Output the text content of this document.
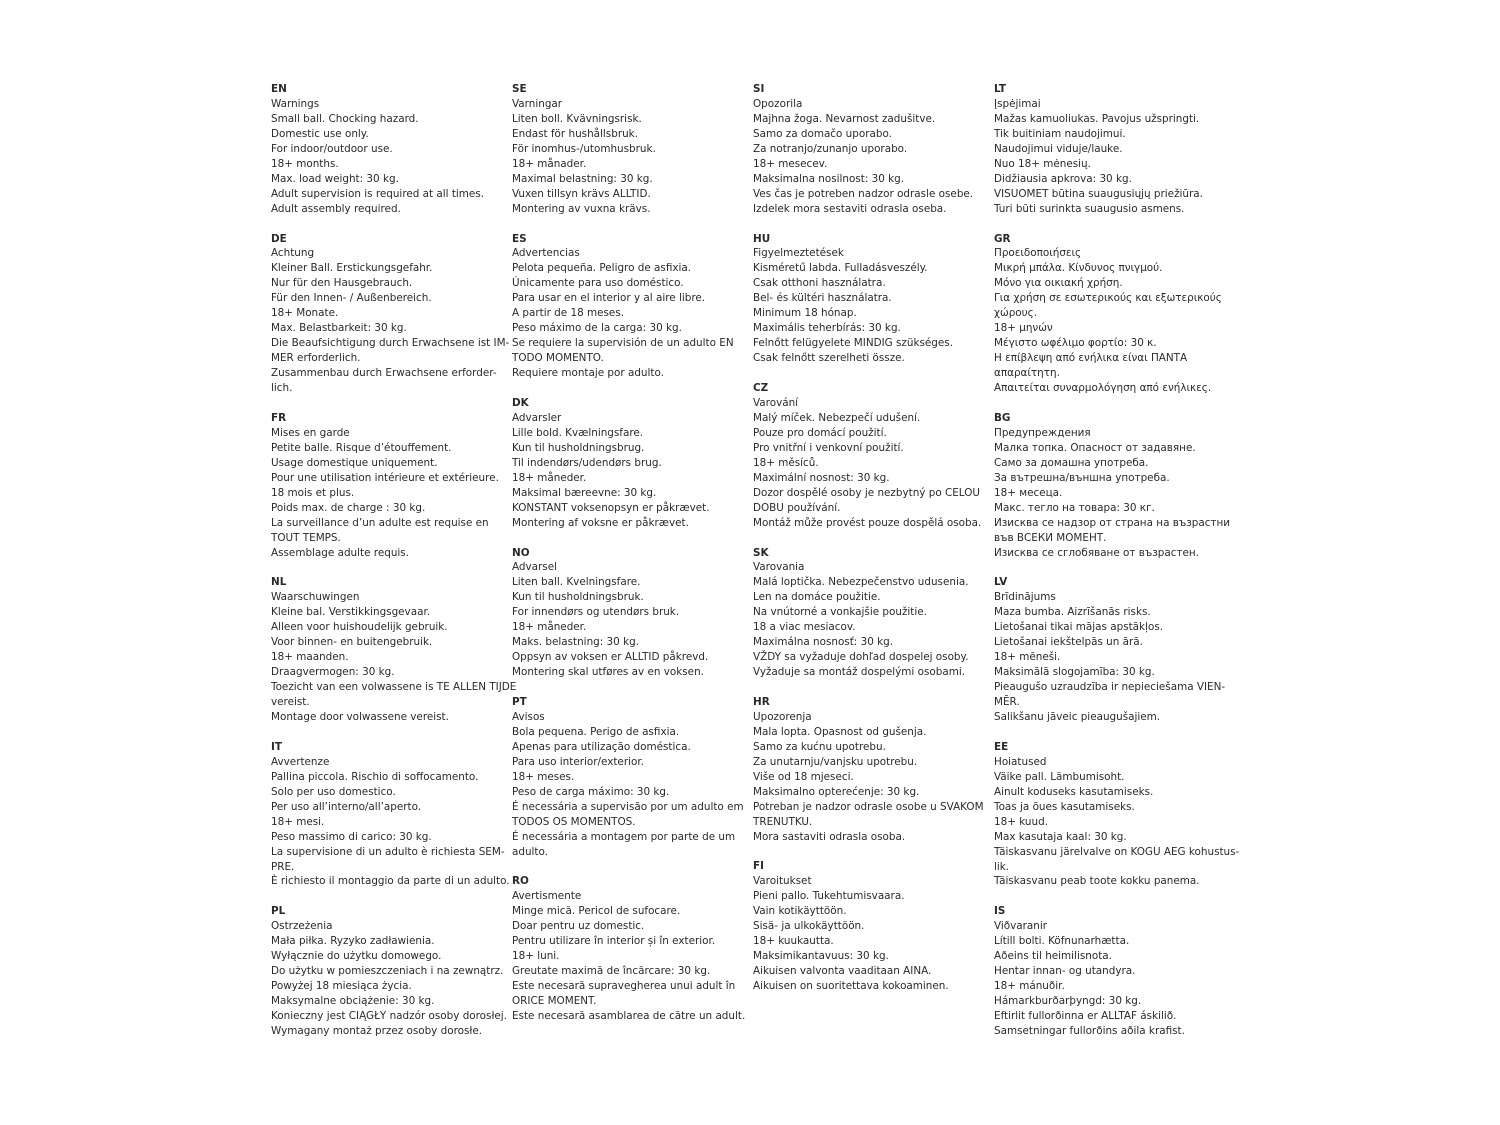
EN
Warnings
Small ball. Chocking hazard.
Domestic use only.
For indoor/outdoor use.
18+ months.
Max. load weight: 30 kg.
Adult supervision is required at all times.
Adult assembly required.
DE
Achtung
Kleiner Ball. Erstickungsgefahr.
Nur für den Hausgebrauch.
Für den Innen- / Außenbereich.
18+ Monate.
Max. Belastbarkeit: 30 kg.
Die Beaufsichtigung durch Erwachsene ist IM-
MER erforderlich.
Zusammenbau durch Erwachsene erforder-
lich.
FR
Mises en garde
Petite balle. Risque d’étouffement.
Usage domestique uniquement.
Pour une utilisation intérieure et extérieure.
18 mois et plus.
Poids max. de charge : 30 kg.
La surveillance d’un adulte est requise en
TOUT TEMPS.
Assemblage adulte requis.
NL
Waarschuwingen
Kleine bal. Verstikkingsgevaar.
Alleen voor huishoudelijk gebruik.
Voor binnen- en buitengebruik.
18+ maanden.
Draagvermogen: 30 kg.
Toezicht van een volwassene is TE ALLEN TIJDE
vereist.
Montage door volwassene vereist.
IT
Avvertenze
Pallina piccola. Rischio di soffocamento.
Solo per uso domestico.
Per uso all’interno/all’aperto.
18+ mesi.
Peso massimo di carico: 30 kg.
La supervisione di un adulto è richiesta SEM-
PRE.
È richiesto il montaggio da parte di un adulto.
PL
Ostrzeżenia
Mała piłka. Ryzyko zadławienia.
Wyłącznie do użytku domowego.
Do użytku w pomieszczeniach i na zewnątrz.
Powyżej 18 miesiąca życia.
Maksymalne obciążenie: 30 kg.
Konieczny jest CIĄGŁY nadzór osoby dorosłej.
Wymagany montaż przez osoby dorosłe.
SE
Varningar
Liten boll. Kvävningsrisk.
Endast för hushållsbruk.
För inomhus-/utomhusbruk.
18+ månader.
Maximal belastning: 30 kg.
Vuxen tillsyn krävs ALLTID.
Montering av vuxna krävs.
ES
Advertencias
Pelota pequeña. Peligro de asfixia.
Únicamente para uso doméstico.
Para usar en el interior y al aire libre.
A partir de 18 meses.
Peso máximo de la carga: 30 kg.
Se requiere la supervisión de un adulto EN
TODO MOMENTO.
Requiere montaje por adulto.
DK
Advarsler
Lille bold. Kvælningsfare.
Kun til husholdningsbrug.
Til indendørs/udendørs brug.
18+ måneder.
Maksimal bæreevne: 30 kg.
KONSTANT voksenopsyn er påkrævet.
Montering af voksne er påkrævet.
NO
Advarsel
Liten ball. Kvelningsfare.
Kun til husholdningsbruk.
For innendørs og utendørs bruk.
18+ måneder.
Maks. belastning: 30 kg.
Oppsyn av voksen er ALLTID påkrevd.
Montering skal utføres av en voksen.
PT
Avisos
Bola pequena. Perigo de asfixia.
Apenas para utilização doméstica.
Para uso interior/exterior.
18+ meses.
Peso de carga máximo: 30 kg.
É necessária a supervisão por um adulto em
TODOS OS MOMENTOS.
É necessária a montagem por parte de um
adulto.
RO
Avertismente
Minge mică. Pericol de sufocare.
Doar pentru uz domestic.
Pentru utilizare în interior și în exterior.
18+ luni.
Greutate maximă de încărcare: 30 kg.
Este necesară supravegherea unui adult în
ORICE MOMENT.
Este necesară asamblarea de către un adult.
SI
Opozorila
Majhna žoga. Nevarnost zadušitve.
Samo za domačo uporabo.
Za notranjo/zunanjo uporabo.
18+ mesecev.
Maksimalna nosilnost: 30 kg.
Ves čas je potreben nadzor odrasle osebe.
Izdelek mora sestaviti odrasla oseba.
HU
Figyelmeztetések
Kisméretű labda. Fulladásveszély.
Csak otthoni használatra.
Bel- és kültéri használatra.
Minimum 18 hónap.
Maximális teherbírás: 30 kg.
Felnőtt felügyelete MINDIG szükséges.
Csak felnőtt szerelheti össze.
CZ
Varování
Malý míček. Nebezpečí udušení.
Pouze pro domácí použití.
Pro vnitřní i venkovní použití.
18+ měsíců.
Maximální nosnost: 30 kg.
Dozor dospělé osoby je nezbytný po CELOU
DOBU používání.
Montáž může provést pouze dospělá osoba.
SK
Varovania
Malá loptička. Nebezpečenstvo udusenia.
Len na domáce použitie.
Na vnútorné a vonkajšie použitie.
18 a viac mesiacov.
Maximálna nosnosť: 30 kg.
VŽDY sa vyžaduje dohľad dospelej osoby.
Vyžaduje sa montáž dospelými osobami.
HR
Upozorenja
Mala lopta. Opasnost od gušenja.
Samo za kućnu upotrebu.
Za unutarnju/vanjsku upotrebu.
Više od 18 mjeseci.
Maksimalno opterećenje: 30 kg.
Potreban je nadzor odrasle osobe u SVAKOM
TRENUTKU.
Mora sastaviti odrasla osoba.
FI
Varoitukset
Pieni pallo. Tukehtumisvaara.
Vain kotikäyttöön.
Sisä- ja ulkokäyttöön.
18+ kuukautta.
Maksimikantavuus: 30 kg.
Aikuisen valvonta vaaditaan AINA.
Aikuisen on suoritettava kokoaminen.
LT
Įspėjimai
Mažas kamuoliukas. Pavojus užspringti.
Tik buitiniam naudojimui.
Naudojimui viduje/lauke.
Nuo 18+ mėnesių.
Didžiausia apkrova: 30 kg.
VISUOMET būtina suaugusiųjų priežiūra.
Turi būti surinkta suaugusio asmens.
GR
Προειδοποιήσεις
Μικρή μπάλα. Κίνδυνος πνιγμού.
Μόνο για οικιακή χρήση.
Για χρήση σε εσωτερικούς και εξωτερικούς
χώρους.
18+ μηνών
Μέγιστο ωφέλιμο φορτίο: 30 κ.
Η επίβλεψη από ενήλικα είναι ΠΑΝΤΑ
απαραίτητη.
Απαιτείται συναρμολόγηση από ενήλικες.
BG
Предупреждения
Малка топка. Опасност от задавяне.
Само за домашна употреба.
За вътрешна/външна употреба.
18+ месеца.
Макс. тегло на товара: 30 кг.
Изисква се надзор от страна на възрастни
във ВСЕКИ МОМЕНТ.
Изисква се сглобяване от възрастен.
LV
Brīdinājums
Maza bumba. Aizrīšanās risks.
Lietošanai tikai mājas apstākļos.
Lietošanai iekštelpās un ārā.
18+ mēneši.
Maksimālā slogojamība: 30 kg.
Pieaugušo uzraudzība ir nepieciešama VIEN-
MĒR.
Salikšanu jāveic pieaugušajiem.
EE
Hoiatused
Väike pall. Lämbumisoht.
Ainult koduseks kasutamiseks.
Toas ja õues kasutamiseks.
18+ kuud.
Max kasutaja kaal: 30 kg.
Täiskasvanu järelvalve on KOGU AEG kohustus-
lik.
Täiskasvanu peab toote kokku panema.
IS
Viðvaranir
Lítill bolti. Köfnunarhætta.
Aðeins til heimilisnota.
Hentar innan- og utandyra.
18+ mánuðir.
Hámarkburðarþyngd: 30 kg.
Eftirlit fullorðinna er ALLTAF áskilið.
Samsetningar fullorðins aðila krafist.
